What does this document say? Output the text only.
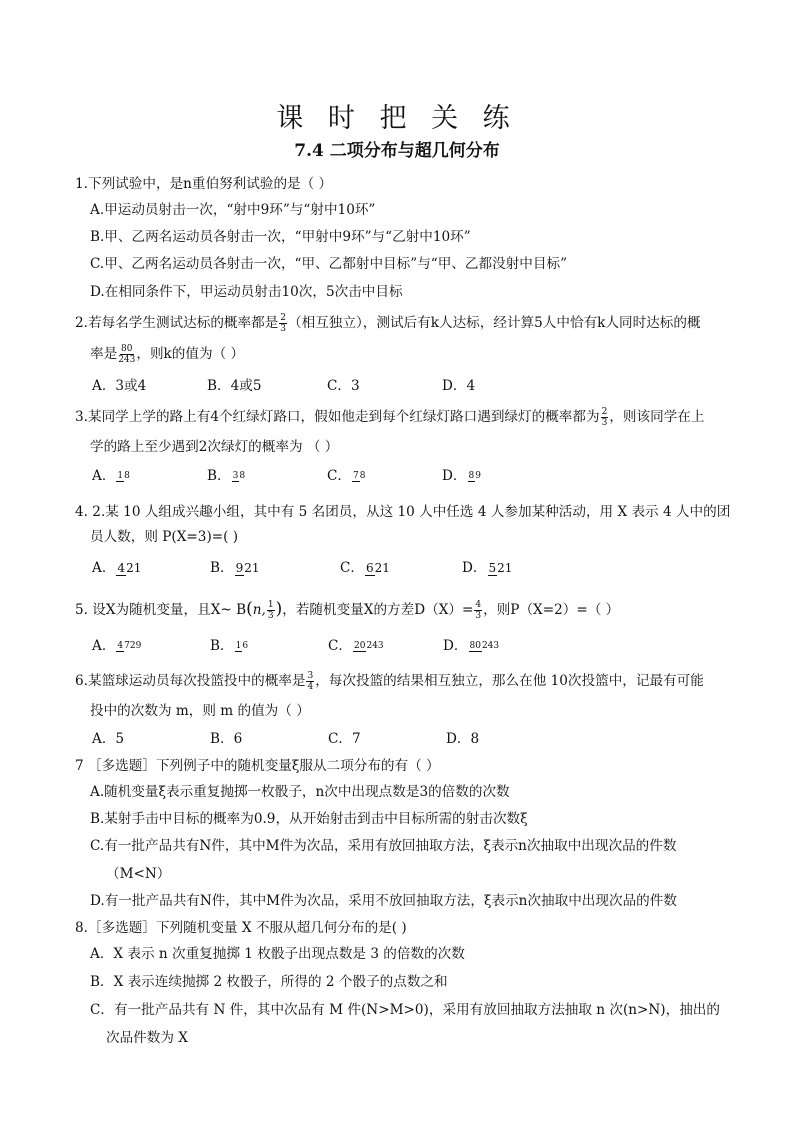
课 时 把 关 练
7.4 二项分布与超几何分布
1.下列试验中，是n重伯努利试验的是（ ）
A.甲运动员射击一次，“射中9环”与“射中10环”
B.甲、乙两名运动员各射击一次，“甲射中9环”与“乙射中10环”
C.甲、乙两名运动员各射击一次，“甲、乙都射中目标”与“甲、乙都没射中目标”
D.在相同条件下，甲运动员射击10次，5次击中目标
2.若每名学生测试达标的概率都是 $\frac{2}{3}$ （相互独立），测试后有k人达标，经计算5人中恰有k人同时达标的概
率是 $\frac{80}{243}$ ，则k的值为（ ）
A．3或4	B．4或5	C．3	D．4
3.某同学上学的路上有4个红绿灯路口，假如他走到每个红绿灯路口遇到绿灯的概率都为 $\frac{2}{3}$ ，则该同学在上
学的路上至少遇到2次绿灯的概率为 （ ）
A． 18	B． 38	C． 78	D． 89
4. 2.某 10 人组成兴趣小组，其中有 5 名团员，从这 10 人中任选 4 人参加某种活动，用 X 表示 4 人中的团
员人数，则 P(X=3)=( )
A． 421	B． 921	C． 621	D． 521
5. 设X为随机变量，且X~ B(n, $\frac{1}{3}$ )，若随机变量X的方差$D(X)= \frac{4}{3}$ ，则P（X=2）=（ ）
A． 4729	B． 16	C． 20243	D． 80243
6.某篮球运动员每次投篮投中的概率是 $\frac{3}{4}$ ，每次投篮的结果相互独立，那么在他 10次投篮中，记最有可能
投中的次数为 m，则 m 的值为（ ）
A．5	B．6	C．7	D．8
7 ［多选题］下列例子中的随机变量ξ服从二项分布的有（ ）
A.随机变量ξ表示重复抛掷一枚骰子，n次中出现点数是3的倍数的次数
B.某射手击中目标的概率为0.9，从开始射击到击中目标所需的射击次数ξ
C.有一批产品共有N件，其中M件为次品，采用有放回抽取方法，ξ表示n次抽取中出现次品的件数
（M<N）
D.有一批产品共有N件，其中M件为次品，采用不放回抽取方法，ξ表示n次抽取中出现次品的件数
8.［多选题］下列随机变量 X 不服从超几何分布的是( )
A．X 表示 n 次重复抛掷 1 枚骰子出现点数是 3 的倍数的次数
B．X 表示连续抛掷 2 枚骰子，所得的 2 个骰子的点数之和
C．有一批产品共有 N 件，其中次品有 M 件(N>M>0)，采用有放回抽取方法抽取 n 次(n>N)，抽出的
次品件数为 X
